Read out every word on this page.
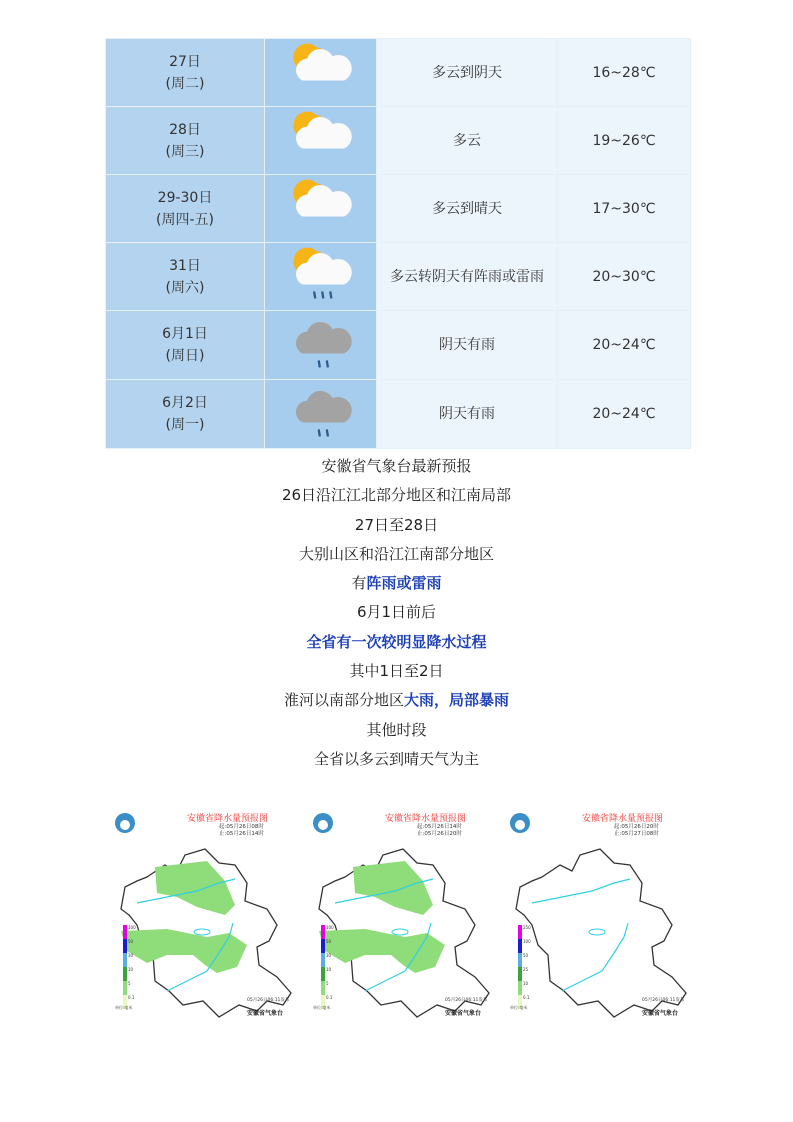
27日
(周二)		多云到阴天	16~28℃

28日
(周三)		多云	19~26℃

29-30日
(周四-五)		多云到晴天	17~30℃

31日
(周六)		多云转阴天有阵雨或雷雨	20~30℃

6月1日
(周日)		阴天有雨	20~24℃

6月2日
(周一)		阴天有雨	20~24℃
安徽省气象台最新预报
26日沿江江北部分地区和江南局部
27日至28日
大别山区和沿江江南部分地区
有阵雨或雷雨
6月1日前后
全省有一次较明显降水过程
其中1日至2日
淮河以南部分地区大雨，局部暴雨
其他时段
全省以多云到晴天气为主
安徽省降水量预报图
起:05月26日08时
止:05月26日14时
100
50
30
10
5
0.1
单位:毫米
05月26日06:11发布
安徽省气象台
安徽省降水量预报图
起:05月26日14时
止:05月26日20时
100
50
30
10
5
0.1
单位:毫米
05月26日06:11发布
安徽省气象台
安徽省降水量预报图
起:05月26日20时
止:05月27日08时
250
100
50
25
10
0.1
单位:毫米
05月26日06:11发布
安徽省气象台
